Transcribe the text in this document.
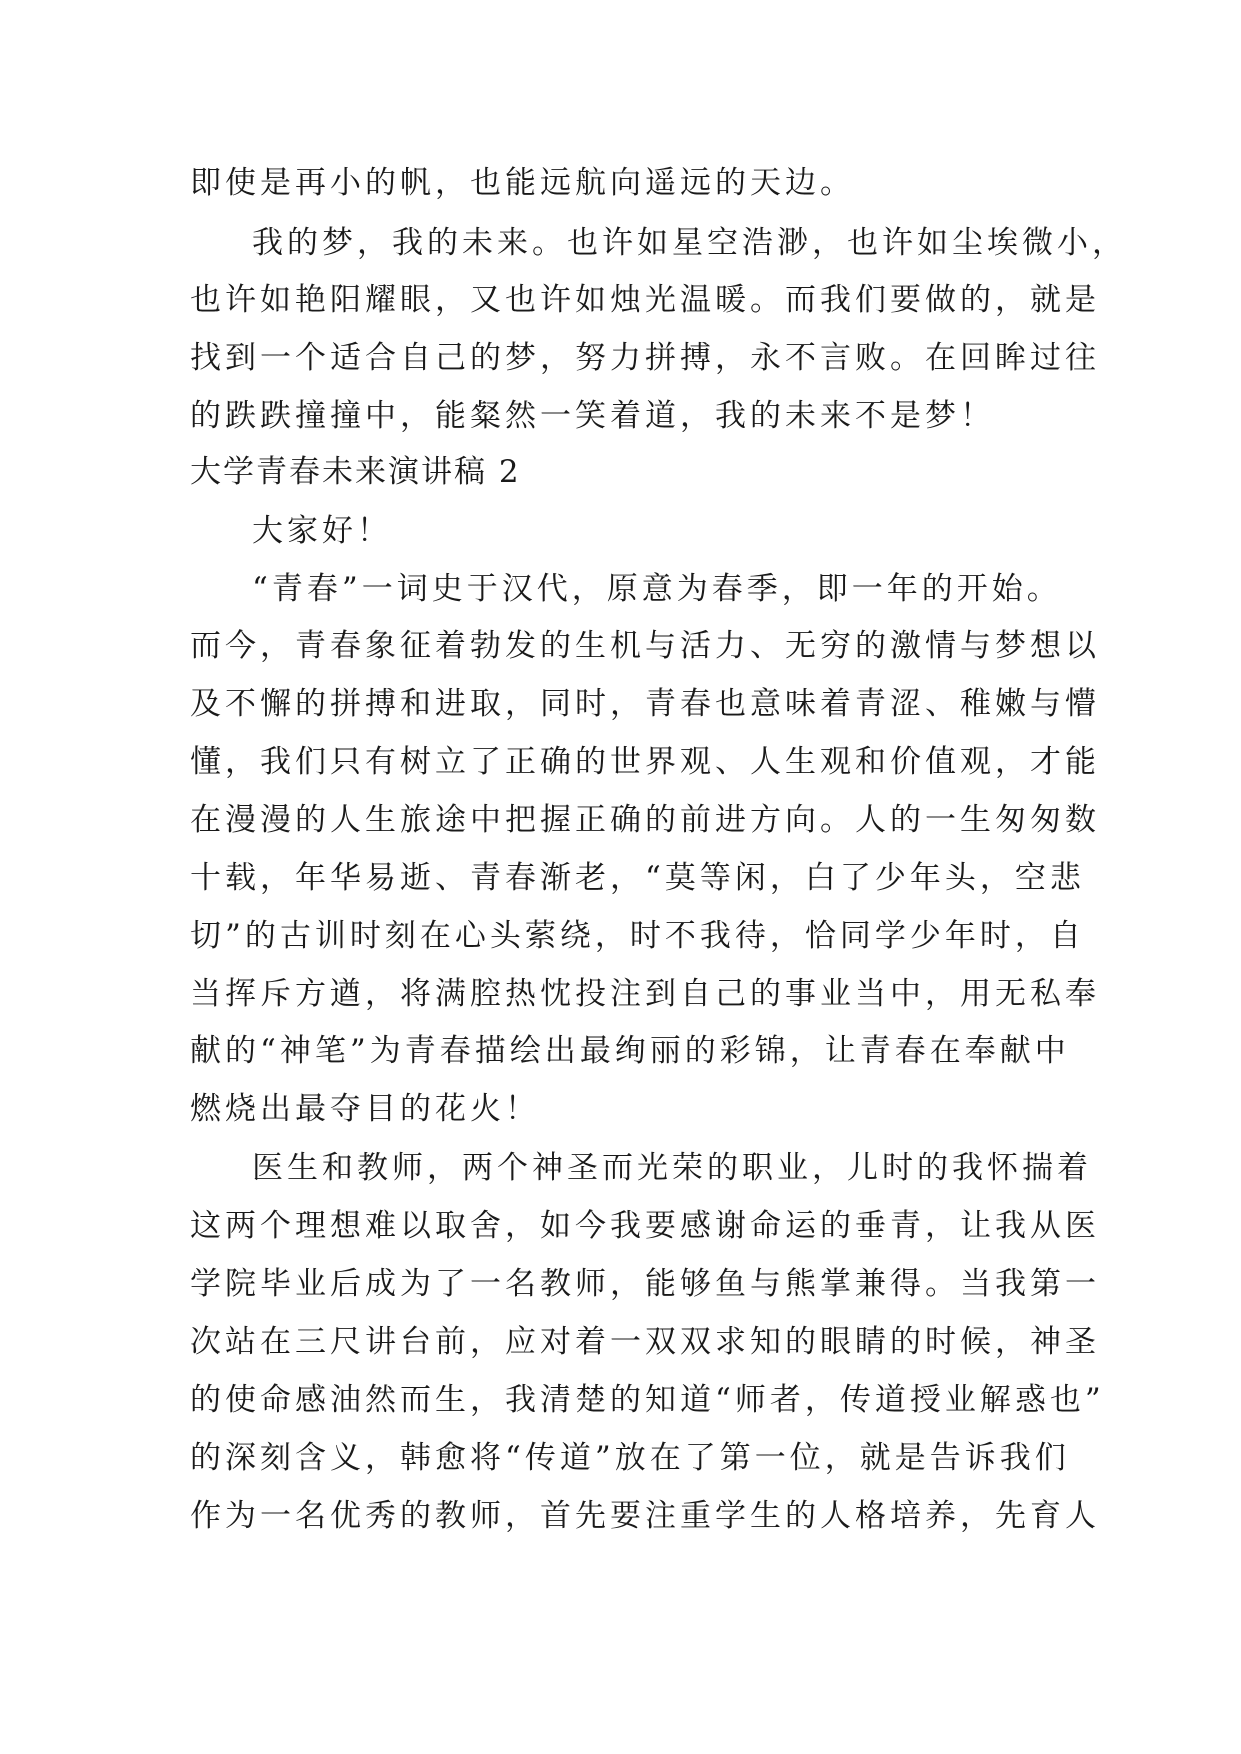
即使是再小的帆，也能远航向遥远的天边。
我的梦，我的未来。也许如星空浩渺，也许如尘埃微小，
也许如艳阳耀眼，又也许如烛光温暖。而我们要做的，就是
找到一个适合自己的梦，努力拼搏，永不言败。在回眸过往
的跌跌撞撞中，能粲然一笑着道，我的未来不是梦！
大学青春未来演讲稿 2
大家好！
“青春”一词史于汉代，原意为春季，即一年的开始。
而今，青春象征着勃发的生机与活力、无穷的激情与梦想以
及不懈的拼搏和进取，同时，青春也意味着青涩、稚嫩与懵
懂，我们只有树立了正确的世界观、人生观和价值观，才能
在漫漫的人生旅途中把握正确的前进方向。人的一生匆匆数
十载，年华易逝、青春渐老，“莫等闲，白了少年头，空悲
切”的古训时刻在心头萦绕，时不我待，恰同学少年时，自
当挥斥方遒，将满腔热忱投注到自己的事业当中，用无私奉
献的“神笔”为青春描绘出最绚丽的彩锦，让青春在奉献中
燃烧出最夺目的花火！
医生和教师，两个神圣而光荣的职业，儿时的我怀揣着
这两个理想难以取舍，如今我要感谢命运的垂青，让我从医
学院毕业后成为了一名教师，能够鱼与熊掌兼得。当我第一
次站在三尺讲台前，应对着一双双求知的眼睛的时候，神圣
的使命感油然而生，我清楚的知道“师者，传道授业解惑也”
的深刻含义，韩愈将“传道”放在了第一位，就是告诉我们
作为一名优秀的教师，首先要注重学生的人格培养，先育人
